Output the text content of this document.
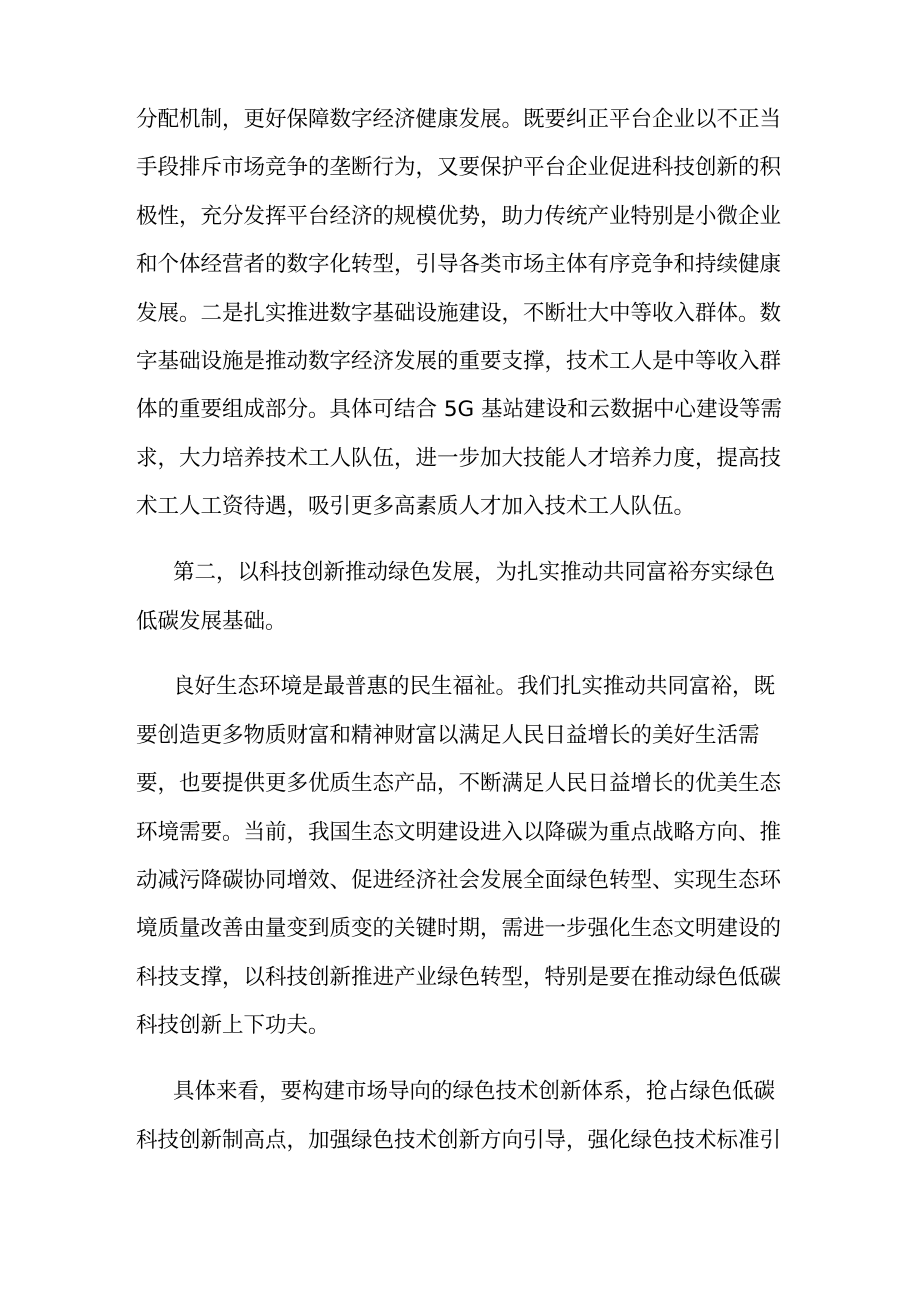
分配机制，更好保障数字经济健康发展。既要纠正平台企业以不正当
手段排斥市场竞争的垄断行为，又要保护平台企业促进科技创新的积
极性，充分发挥平台经济的规模优势，助力传统产业特别是小微企业
和个体经营者的数字化转型，引导各类市场主体有序竞争和持续健康
发展。二是扎实推进数字基础设施建设，不断壮大中等收入群体。数
字基础设施是推动数字经济发展的重要支撑，技术工人是中等收入群
体的重要组成部分。具体可结合 5G 基站建设和云数据中心建设等需
求，大力培养技术工人队伍，进一步加大技能人才培养力度，提高技
术工人工资待遇，吸引更多高素质人才加入技术工人队伍。
第二，以科技创新推动绿色发展，为扎实推动共同富裕夯实绿色
低碳发展基础。
良好生态环境是最普惠的民生福祉。我们扎实推动共同富裕，既
要创造更多物质财富和精神财富以满足人民日益增长的美好生活需
要，也要提供更多优质生态产品，不断满足人民日益增长的优美生态
环境需要。当前，我国生态文明建设进入以降碳为重点战略方向、推
动减污降碳协同增效、促进经济社会发展全面绿色转型、实现生态环
境质量改善由量变到质变的关键时期，需进一步强化生态文明建设的
科技支撑，以科技创新推进产业绿色转型，特别是要在推动绿色低碳
科技创新上下功夫。
具体来看，要构建市场导向的绿色技术创新体系，抢占绿色低碳
科技创新制高点，加强绿色技术创新方向引导，强化绿色技术标准引
